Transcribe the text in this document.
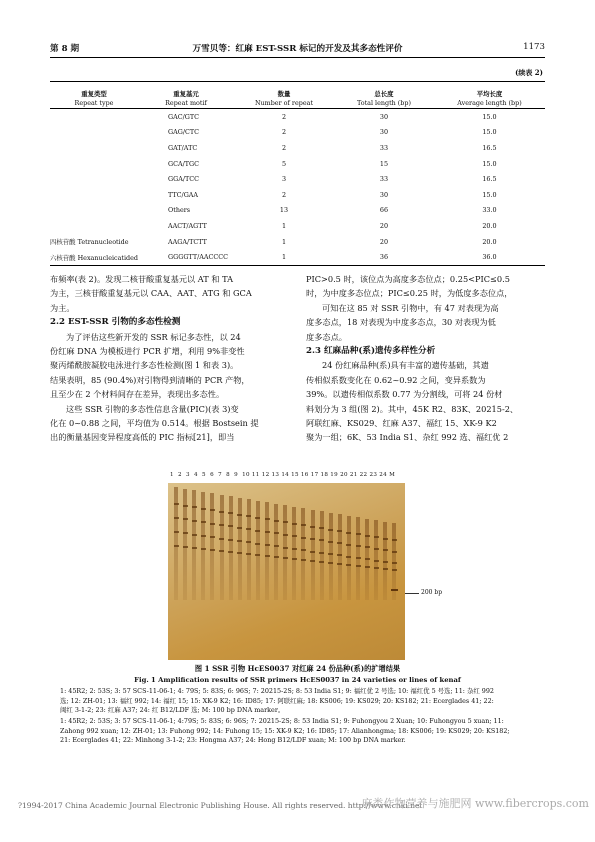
第 8 期	万雪贝等：红麻 EST-SSR 标记的开发及其多态性评价	1173
(续表 2)
重复类型	重复基元	数量	总长度	平均长度
Repeat type	Repeat motif	Number of repeat	Total length (bp)	Average length (bp)
	GAC/GTC	2	30	15.0
	GAG/CTC	2	30	15.0
	GAT/ATC	2	33	16.5
	GCA/TGC	5	15	15.0
	GGA/TCC	3	33	16.5
	TTC/GAA	2	30	15.0
	Others	13	66	33.0
	AACT/AGTT	1	20	20.0
四核苷酸 Tetranucleotide	AAGA/TCTT	1	20	20.0
六核苷酸 Hexanucleicatided	GGGGTT/AACCCC	1	36	36.0
布频率(表 2)。发现二核苷酸重复基元以 AT 和 TA
为主，三核苷酸重复基元以 CAA、AAT、ATG 和 GCA
为主。
2.2 EST-SSR 引物的多态性检测
为了评估这些新开发的 SSR 标记多态性，以 24
份红麻 DNA 为模板进行 PCR 扩增，利用 9%非变性
聚丙烯酰胺凝胶电泳进行多态性检测(图 1 和表 3)。
结果表明，85 (90.4%)对引物得到清晰的 PCR 产物，
且至少在 2 个材料间存在差异，表现出多态性。
这些 SSR 引物的多态性信息含量(PIC)(表 3)变
化在 0~0.88 之间，平均值为 0.514。根据 Bostsein 提
出的衡量基因变异程度高低的 PIC 指标[21]，即当
PIC>0.5 时，该位点为高度多态位点；0.25<PIC≤0.5
时，为中度多态位点；PIC≤0.25 时，为低度多态位点，
可知在这 85 对 SSR 引物中，有 47 对表现为高
度多态点，18 对表现为中度多态点，30 对表现为低
度多态点。
2.3 红麻品种(系)遗传多样性分析
24 份红麻品种(系)具有丰富的遗传基础，其遗
传相似系数变化在 0.62~0.92 之间，变异系数为
39%。以遗传相似系数 0.77 为分割线，可将 24 份材
料划分为 3 组(图 2)。其中，45K R2、83K、20215-2、
阿联红麻、KS029、红麻 A37、福红 15、XK-9 K2
聚为一组；6K、53 India S1、杂红 992 选、福红优 2
1  2  3  4  5  6  7  8  9  10 11 12 13 14 15 16 17 18 19 20 21 22 23 24 M
200 bp
图 1 SSR 引物 HcES0037 对红麻 24 份品种(系)的扩增结果
Fig. 1 Amplification results of SSR primers HcES0037 in 24 varieties or lines of kenaf
1: 45R2; 2: 53S; 3: 57 SCS-11-06-1; 4: 79S; 5: 83S; 6: 96S; 7: 20215-2S; 8: 53 India S1; 9: 福红优 2 号选; 10: 福红优 5 号选; 11: 杂红 992
选; 12: ZH-01; 13: 福红 992; 14: 福红 15; 15: XK-9 K2; 16: ID85; 17: 阿联红麻; 18: KS006; 19: KS029; 20: KS182; 21: Ecerglades 41; 22:
闽红 3-1-2; 23: 红麻 A37; 24: 红 B12/LDF 选; M: 100 bp DNA marker。
1: 45R2; 2: 53S; 3: 57 SCS-11-06-1; 4:79S; 5: 83S; 6: 96S; 7: 20215-2S; 8: 53 India S1; 9: Fuhongyou 2 Xuan; 10: Fuhongyou 5 xuan; 11:
Zahong 992 xuan; 12: ZH-01; 13: Fuhong 992; 14: Fuhong 15; 15: XK-9 K2; 16: ID85; 17: Alianhongma; 18: KS006; 19: KS029; 20: KS182;
21: Ecerglades 41; 22: Minhong 3-1-2; 23: Hongma A37; 24: Hong B12/LDF xuan; M: 100 bp DNA marker.
?1994-2017 China Academic Journal Electronic Publishing House. All rights reserved. http://www.cnki.net
麻类作物营养与施肥网 www.fibercrops.com
